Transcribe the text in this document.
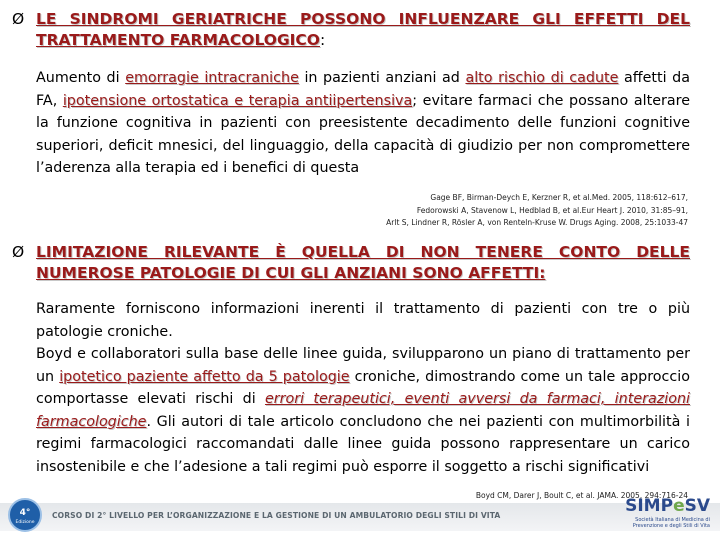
Ø LE SINDROMI GERIATRICHE POSSONO INFLUENZARE GLI EFFETTI DEL TRATTAMENTO FARMACOLOGICO:
Aumento di emorragie intracraniche in pazienti anziani ad alto rischio di cadute affetti da FA, ipotensione ortostatica e terapia antiipertensiva; evitare farmaci che possano alterare la funzione cognitiva in pazienti con preesistente decadimento delle funzioni cognitive superiori, deficit mnesici, del linguaggio, della capacità di giudizio per non compromettere l’aderenza alla terapia ed i benefici di questa
Gage BF, Birman-Deych E, Kerzner R, et al.Med. 2005, 118:612–617,
Fedorowski A, Stavenow L, Hedblad B, et al.Eur Heart J. 2010, 31:85–91,
Arlt S, Lindner R, Rösler A, von Renteln-Kruse W. Drugs Aging. 2008, 25:1033-47
Ø LIMITAZIONE RILEVANTE È QUELLA DI NON TENERE CONTO DELLE NUMEROSE PATOLOGIE DI CUI GLI ANZIANI SONO AFFETTI:
Raramente forniscono informazioni inerenti il trattamento di pazienti con tre o più patologie croniche.
Boyd e collaboratori sulla base delle linee guida, svilupparono un piano di trattamento per un ipotetico paziente affetto da 5 patologie croniche, dimostrando come un tale approccio comportasse elevati rischi di errori terapeutici, eventi avversi da farmaci, interazioni farmacologiche. Gli autori di tale articolo concludono che nei pazienti con multimorbilità i regimi farmacologici raccomandati dalle linee guida possono rappresentare un carico insostenibile e che l’adesione a tali regimi può esporre il soggetto a rischi significativi
Boyd CM, Darer J, Boult C, et al. JAMA. 2005, 294:716-24
4°
Edizione
CORSO DI 2° LIVELLO PER L’ORGANIZZAZIONE E LA GESTIONE DI UN AMBULATORIO DEGLI STILI DI VITA	SIMPeSV
Società Italiana di Medicina di Prevenzione e degli Stili di Vita
